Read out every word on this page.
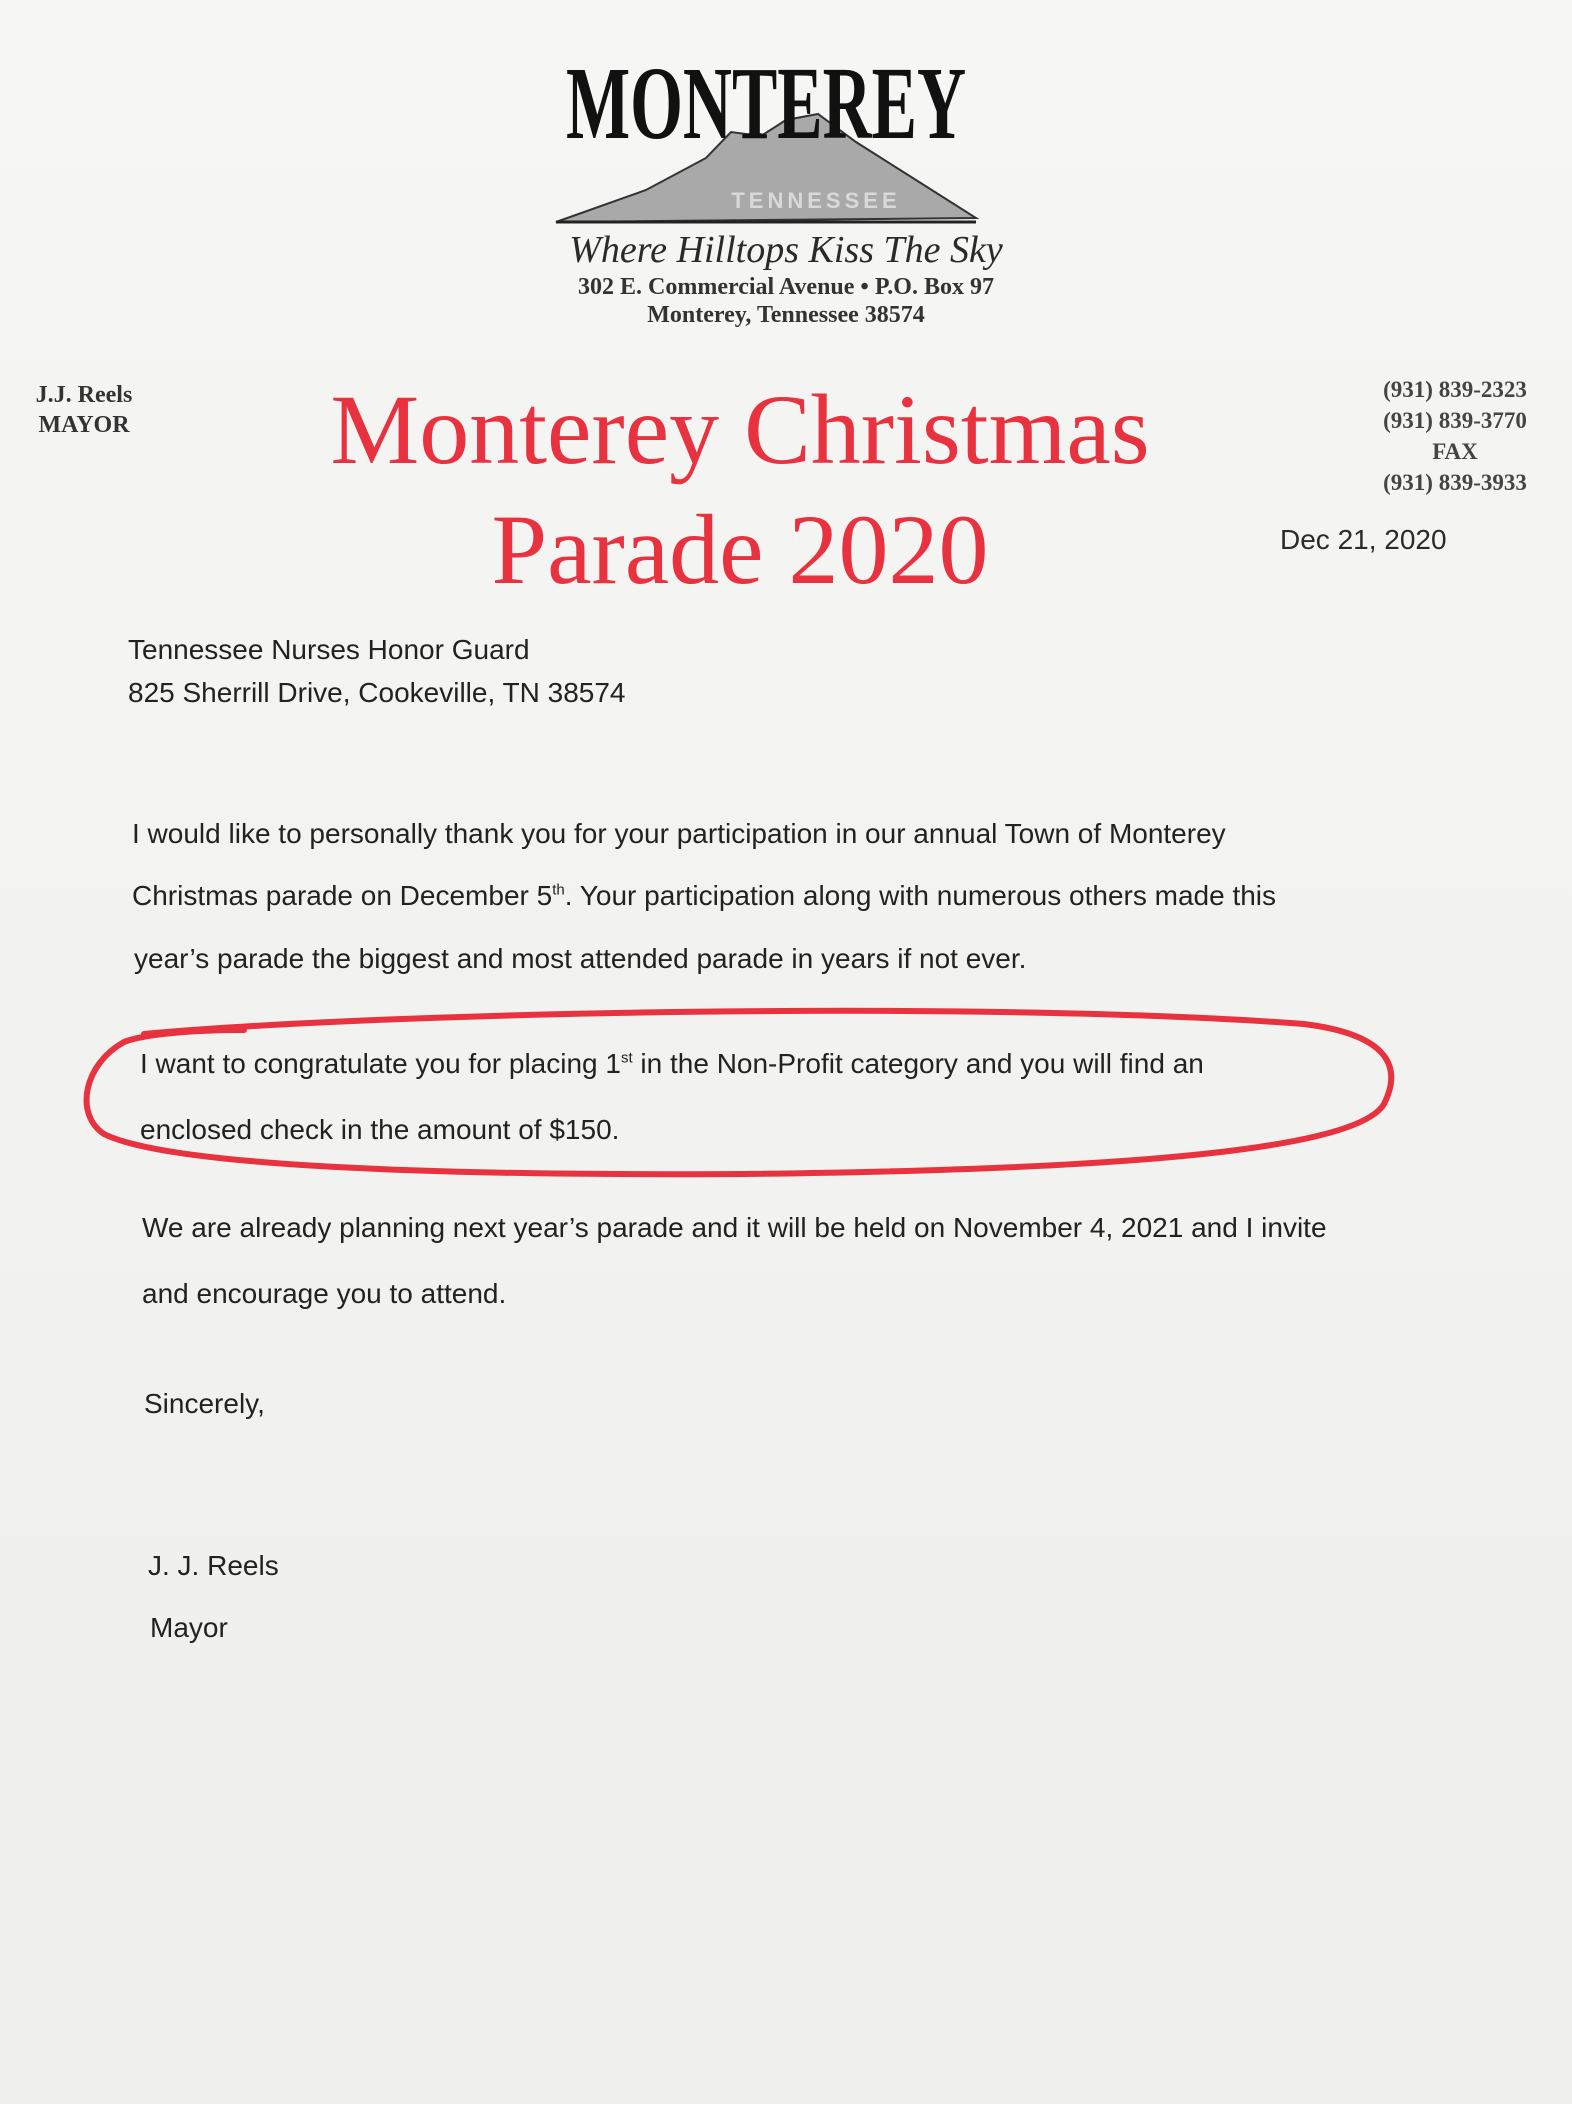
TENNESSEE
MONTEREY
Where Hilltops Kiss The Sky
302 E. Commercial Avenue • P.O. Box 97
Monterey, Tennessee 38574
J.J. Reels
MAYOR
(931) 839-2323
(931) 839-3770
FAX
(931) 839-3933
Monterey Christmas
Parade 2020	Dec 21, 2020
Tennessee Nurses Honor Guard
825 Sherrill Drive, Cookeville, TN 38574
I would like to personally thank you for your participation in our annual Town of Monterey
Christmas parade on December 5th. Your participation along with numerous others made this
year’s parade the biggest and most attended parade in years if not ever.
I want to congratulate you for placing 1st in the Non-Profit category and you will find an
enclosed check in the amount of $150.
We are already planning next year’s parade and it will be held on November 4, 2021 and I invite
and encourage you to attend.
Sincerely,
J. J. Reels
Mayor
